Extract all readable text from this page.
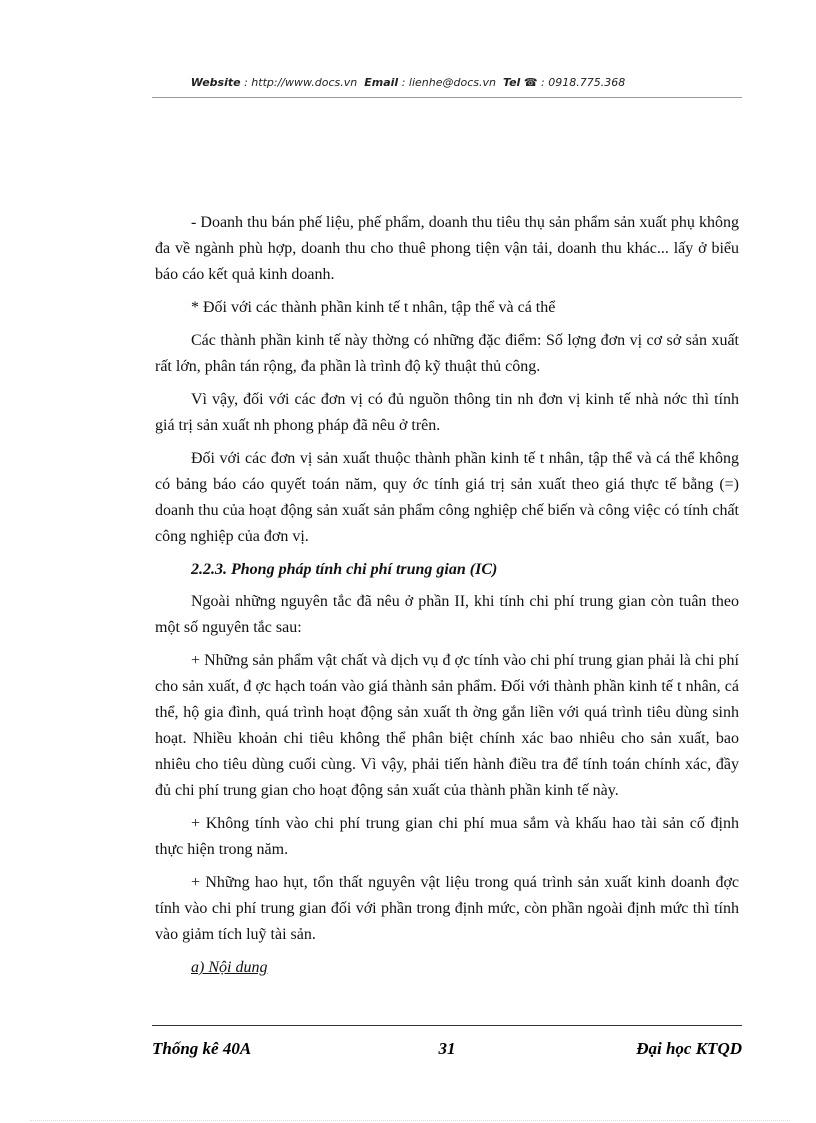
Website : http://www.docs.vn Email : lienhe@docs.vn Tel ☎ : 0918.775.368

- Doanh thu bán phế liệu, phế phẩm, doanh thu tiêu thụ sản phẩm sản xuất phụ không đa về ngành phù hợp, doanh thu cho thuê phong tiện vận tải, doanh thu khác... lấy ở biểu báo cáo kết quả kinh doanh.

* Đối với các thành phần kinh tế t nhân, tập thể và cá thể

Các thành phần kinh tế này thờng có những đặc điểm: Số lợng đơn vị cơ sở sản xuất rất lớn, phân tán rộng, đa phần là trình độ kỹ thuật thủ công.

Vì vậy, đối với các đơn vị có đủ nguồn thông tin nh đơn vị kinh tế nhà nớc thì tính giá trị sản xuất nh phong pháp đã nêu ở trên.

Đối với các đơn vị sản xuất thuộc thành phần kinh tế t nhân, tập thể và cá thể không có bảng báo cáo quyết toán năm, quy ớc tính giá trị sản xuất theo giá thực tế bằng (=) doanh thu của hoạt động sản xuất sản phẩm công nghiệp chế biến và công việc có tính chất công nghiệp của đơn vị.

2.2.3. Phong pháp tính chi phí trung gian (IC)

Ngoài những nguyên tắc đã nêu ở phần II, khi tính chi phí trung gian còn tuân theo một số nguyên tắc sau:

+ Những sản phẩm vật chất và dịch vụ đ ợc tính vào chi phí trung gian phải là chi phí cho sản xuất, đ ợc hạch toán vào giá thành sản phẩm. Đối với thành phần kinh tế t nhân, cá thể, hộ gia đình, quá trình hoạt động sản xuất th ờng gắn liền với quá trình tiêu dùng sinh hoạt. Nhiều khoản chi tiêu không thể phân biệt chính xác bao nhiêu cho sản xuất, bao nhiêu cho tiêu dùng cuối cùng. Vì vậy, phải tiến hành điều tra để tính toán chính xác, đầy đủ chi phí trung gian cho hoạt động sản xuất của thành phần kinh tế này.

+ Không tính vào chi phí trung gian chi phí mua sắm và khấu hao tài sản cố định thực hiện trong năm.

+ Những hao hụt, tổn thất nguyên vật liệu trong quá trình sản xuất kinh doanh đợc tính vào chi phí trung gian đối với phần trong định mức, còn phần ngoài định mức thì tính vào giảm tích luỹ tài sản.

a) Nội dung
Thống kê 40A	31	Đại học KTQD
